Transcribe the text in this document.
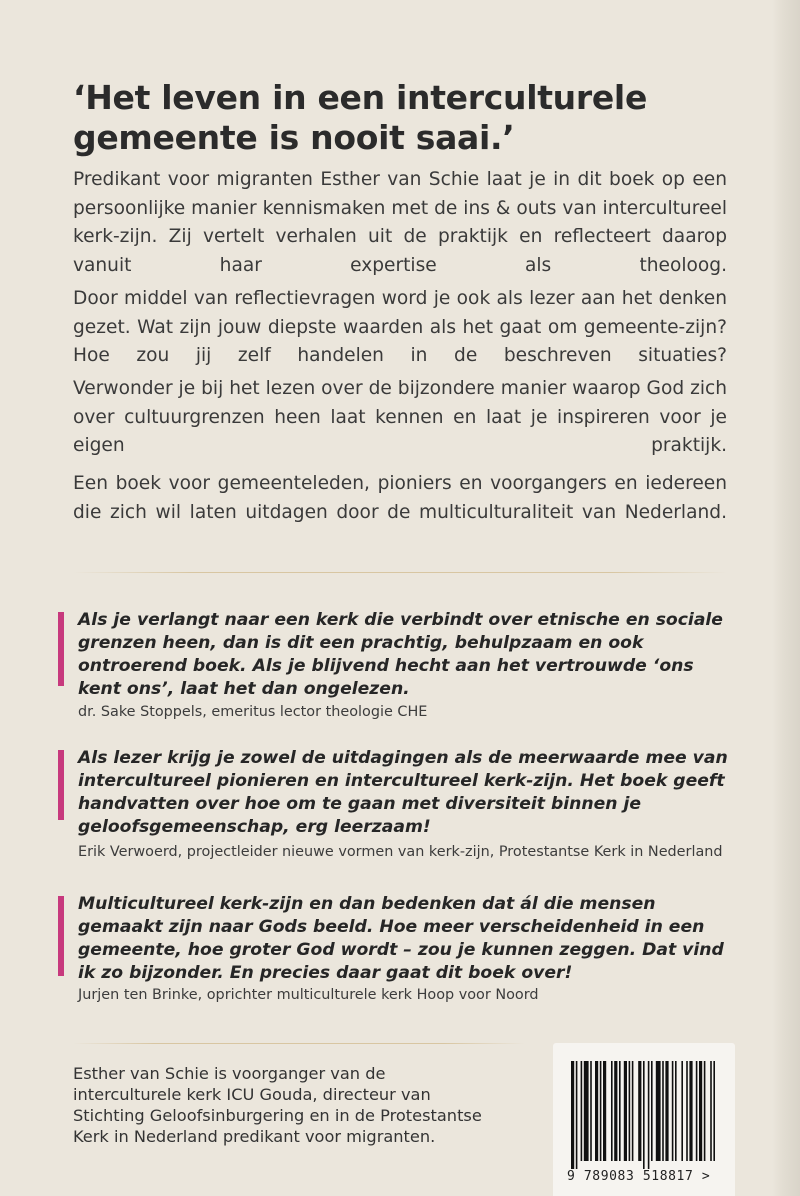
‘Het leven in een interculturele
gemeente is nooit saai.’
Predikant voor migranten Esther van Schie laat je in dit boek op een persoonlijke manier kennismaken met de ins & outs van intercultureel kerk-zijn. Zij vertelt verhalen uit de praktijk en reflecteert daarop vanuit haar expertise als theoloog.
Door middel van reflectievragen word je ook als lezer aan het denken gezet. Wat zijn jouw diepste waarden als het gaat om gemeente-zijn? Hoe zou jij zelf handelen in de beschreven situaties?
Verwonder je bij het lezen over de bijzondere manier waarop God zich over cultuurgrenzen heen laat kennen en laat je inspireren voor je eigen praktijk.
Een boek voor gemeenteleden, pioniers en voorgangers en iedereen die zich wil laten uitdagen door de multiculturaliteit van Nederland.
Als je verlangt naar een kerk die verbindt over etnische en sociale grenzen heen, dan is dit een prachtig, behulpzaam en ook ontroerend boek. Als je blijvend hecht aan het vertrouwde ‘ons kent ons’, laat het dan ongelezen.
dr. Sake Stoppels, emeritus lector theologie CHE
Als lezer krijg je zowel de uitdagingen als de meerwaarde mee van intercultureel pionieren en intercultureel kerk-zijn. Het boek geeft handvatten over hoe om te gaan met diversiteit binnen je geloofsgemeenschap, erg leerzaam!
Erik Verwoerd, projectleider nieuwe vormen van kerk-zijn, Protestantse Kerk in Nederland
Multicultureel kerk-zijn en dan bedenken dat ál die mensen gemaakt zijn naar Gods beeld. Hoe meer verscheidenheid in een gemeente, hoe groter God wordt – zou je kunnen zeggen. Dat vind ik zo bijzonder. En precies daar gaat dit boek over!
Jurjen ten Brinke, oprichter multiculturele kerk Hoop voor Noord
Esther van Schie is voorganger van de interculturele kerk ICU Gouda, directeur van Stichting Geloofsinburgering en in de Protestantse Kerk in Nederland predikant voor migranten.
9 789083 518817 >
